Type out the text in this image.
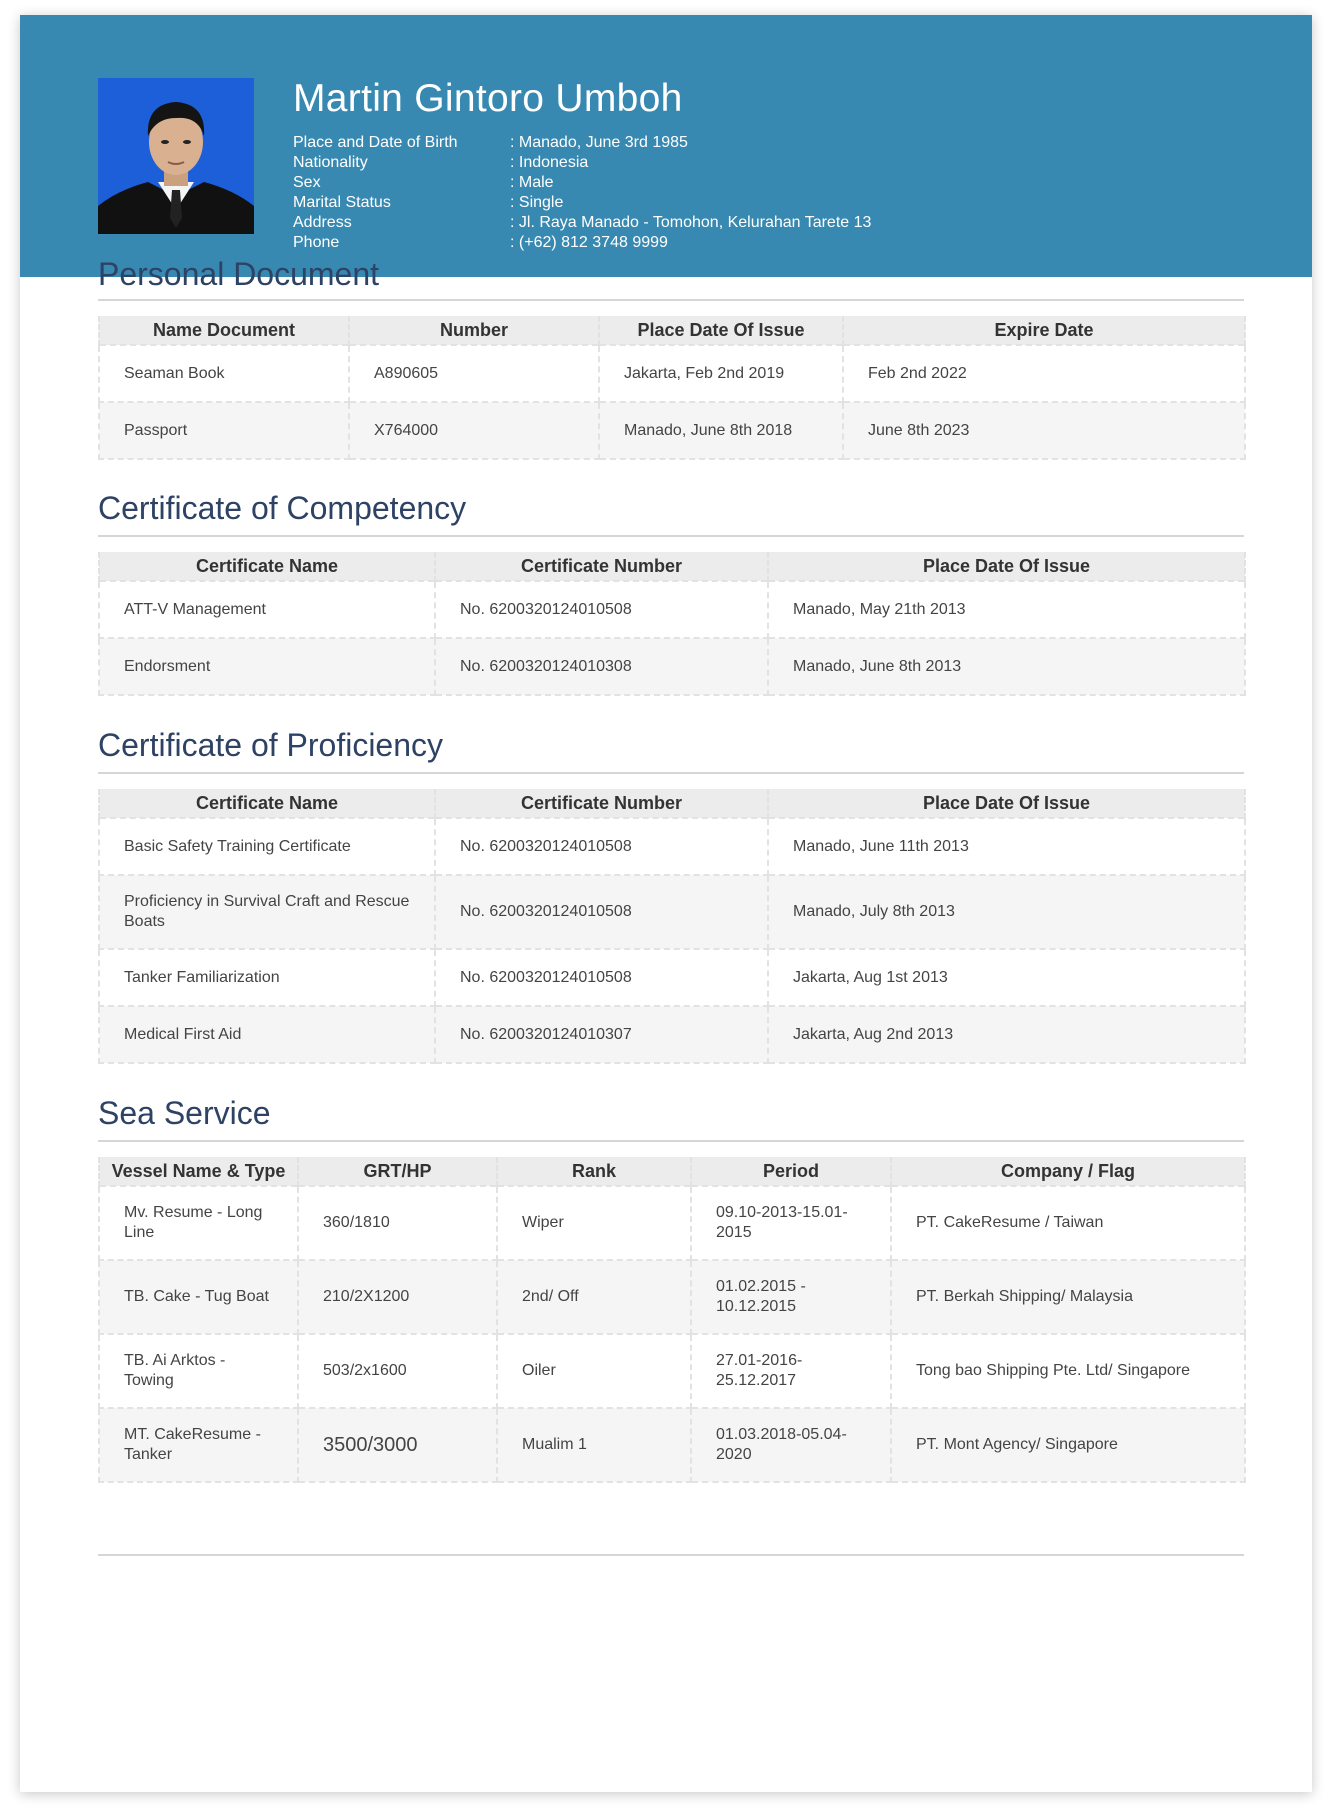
Martin Gintoro Umboh
Place and Date of Birth	: Manado, June 3rd 1985
Nationality	: Indonesia
Sex	: Male
Marital Status	: Single
Address	: Jl. Raya Manado - Tomohon, Kelurahan Tarete 13
Phone	: (+62) 812 3748 9999
Personal Document
Name Document	Number	Place Date Of Issue	Expire Date
Seaman Book	A890605	Jakarta, Feb 2nd 2019	Feb 2nd 2022
Passport	X764000	Manado, June 8th 2018	June 8th 2023
Certificate of Competency
Certificate Name	Certificate Number	Place Date Of Issue
ATT-V Management	No. 6200320124010508	Manado, May 21th 2013
Endorsment	No. 6200320124010308	Manado, June 8th 2013
Certificate of Proficiency
Certificate Name	Certificate Number	Place Date Of Issue
Basic Safety Training Certificate	No. 6200320124010508	Manado, June 11th 2013
Proficiency in Survival Craft and Rescue Boats	No. 6200320124010508	Manado, July 8th 2013
Tanker Familiarization	No. 6200320124010508	Jakarta, Aug 1st 2013
Medical First Aid	No. 6200320124010307	Jakarta, Aug 2nd 2013
Sea Service
Vessel Name & Type	GRT/HP	Rank	Period	Company / Flag
Mv. Resume - Long Line	360/1810	Wiper	09.10-2013-15.01-2015	PT. CakeResume / Taiwan
TB. Cake - Tug Boat	210/2X1200	2nd/ Off	01.02.2015 - 10.12.2015	PT. Berkah Shipping/ Malaysia
TB. Ai Arktos - Towing	503/2x1600	Oiler	27.01-2016-25.12.2017	Tong bao Shipping Pte. Ltd/ Singapore
MT. CakeResume - Tanker	3500/3000	Mualim 1	01.03.2018-05.04-2020	PT. Mont Agency/ Singapore
